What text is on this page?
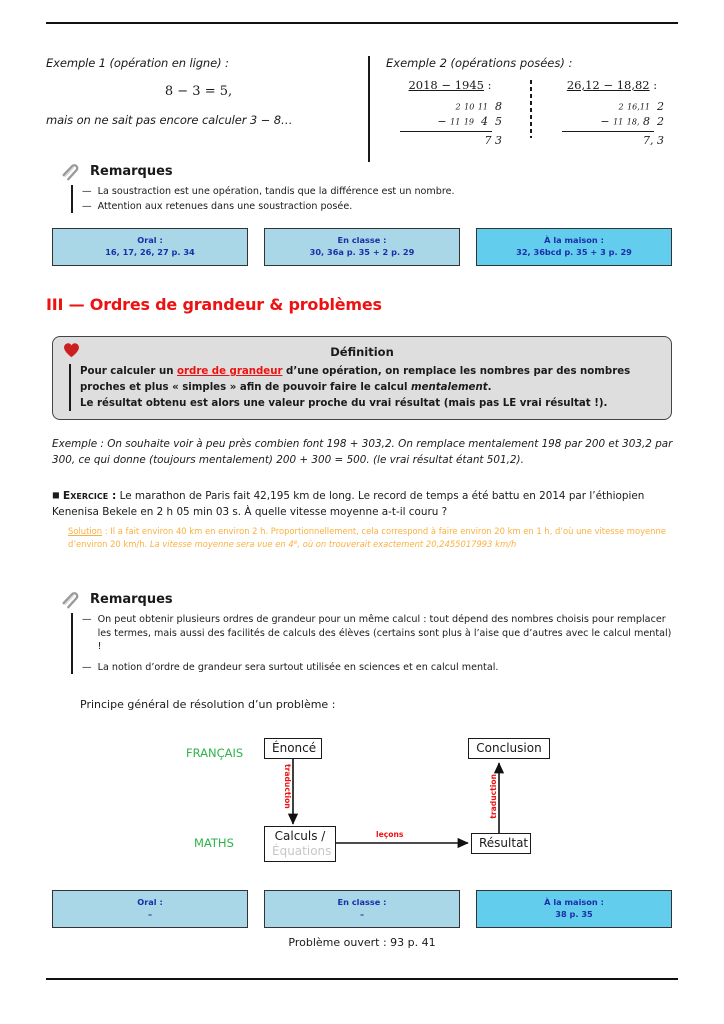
Exemple 1 (opération en ligne) :
8 − 3 = 5,
mais on ne sait pas encore calculer 3 − 8…
Exemple 2 (opérations posées) :
2018 − 1945 :
2 10 11  8
− 11 19  4  5
7 3
26,12 − 18,82 :
2 16,11  2
− 11 18, 8  2
7, 3
Remarques
— La soustraction est une opération, tandis que la différence est un nombre.
— Attention aux retenues dans une soustraction posée.
Oral :
16, 17, 26, 27 p. 34
En classe :
30, 36a p. 35 + 2 p. 29
À la maison :
32, 36bcd p. 35 + 3 p. 29
III — Ordres de grandeur & problèmes
Définition
Pour calculer un ordre de grandeur d’une opération, on remplace les nombres par des nombres proches et plus « simples » afin de pouvoir faire le calcul mentalement.
Le résultat obtenu est alors une valeur proche du vrai résultat (mais pas LE vrai résultat !).
Exemple : On souhaite voir à peu près combien font 198 + 303,2. On remplace mentalement 198 par 200 et 303,2 par 300, ce qui donne (toujours mentalement) 200 + 300 = 500. (le vrai résultat étant 501,2).
■ Exercice : Le marathon de Paris fait 42,195 km de long. Le record de temps a été battu en 2014 par l’éthiopien Kenenisa Bekele en 2 h 05 min 03 s. À quelle vitesse moyenne a-t-il couru ?
Solution : Il a fait environ 40 km en environ 2 h. Proportionnellement, cela correspond à faire environ 20 km en 1 h, d’où une vitesse moyenne d’environ 20 km/h. La vitesse moyenne sera vue en 4e, où on trouverait exactement 20,2455017993 km/h
Remarques
— On peut obtenir plusieurs ordres de grandeur pour un même calcul : tout dépend des nombres choisis pour remplacer les termes, mais aussi des facilités de calculs des élèves (certains sont plus à l’aise que d’autres avec le calcul mental) !
— La notion d’ordre de grandeur sera surtout utilisée en sciences et en calcul mental.
Principe général de résolution d’un problème :
FRANÇAIS
MATHS
Énoncé	Conclusion
Calculs /
Équations
Résultat
traduction
leçons
traduction
Oral :
–
En classe :
–
À la maison :
38 p. 35
Problème ouvert : 93 p. 41
